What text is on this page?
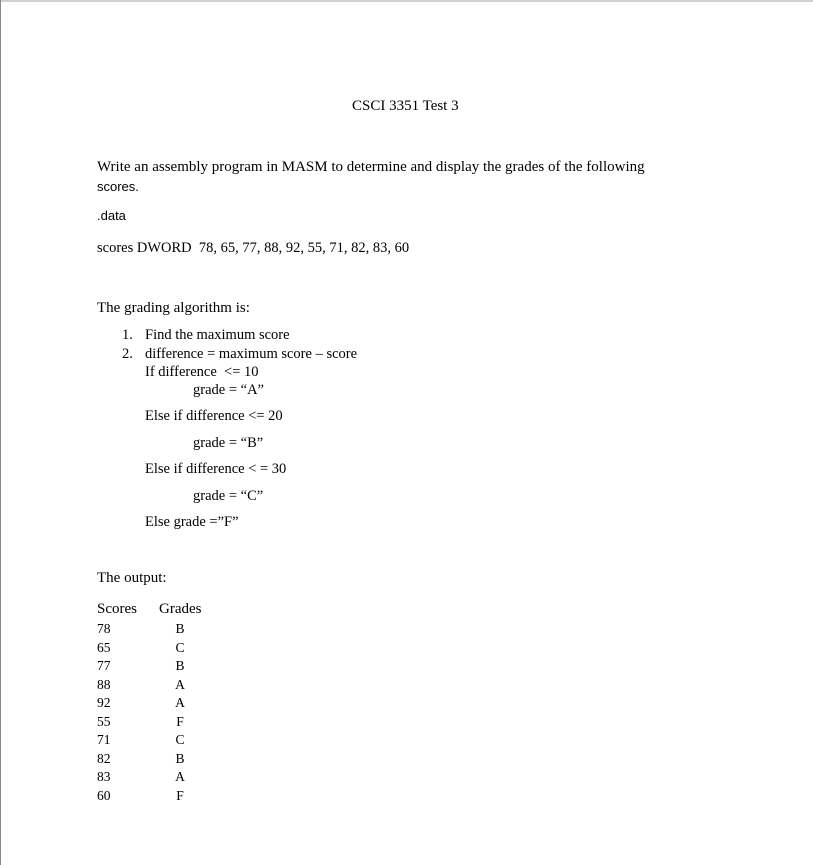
CSCI 3351 Test 3
Write an assembly program in MASM to determine and display the grades of the following
scores.
.data
scores DWORD  78, 65, 77, 88, 92, 55, 71, 82, 83, 60
The grading algorithm is:
1. Find the maximum score
2. difference = maximum score – score
If difference  <= 10
grade = “A”
Else if difference <= 20
grade = “B”
Else if difference < = 30
grade = “C”
Else grade =”F”
The output:
Scores Grades
78	B
65	C
77	B
88	A
92	A
55	F
71	C
82	B
83	A
60	F
